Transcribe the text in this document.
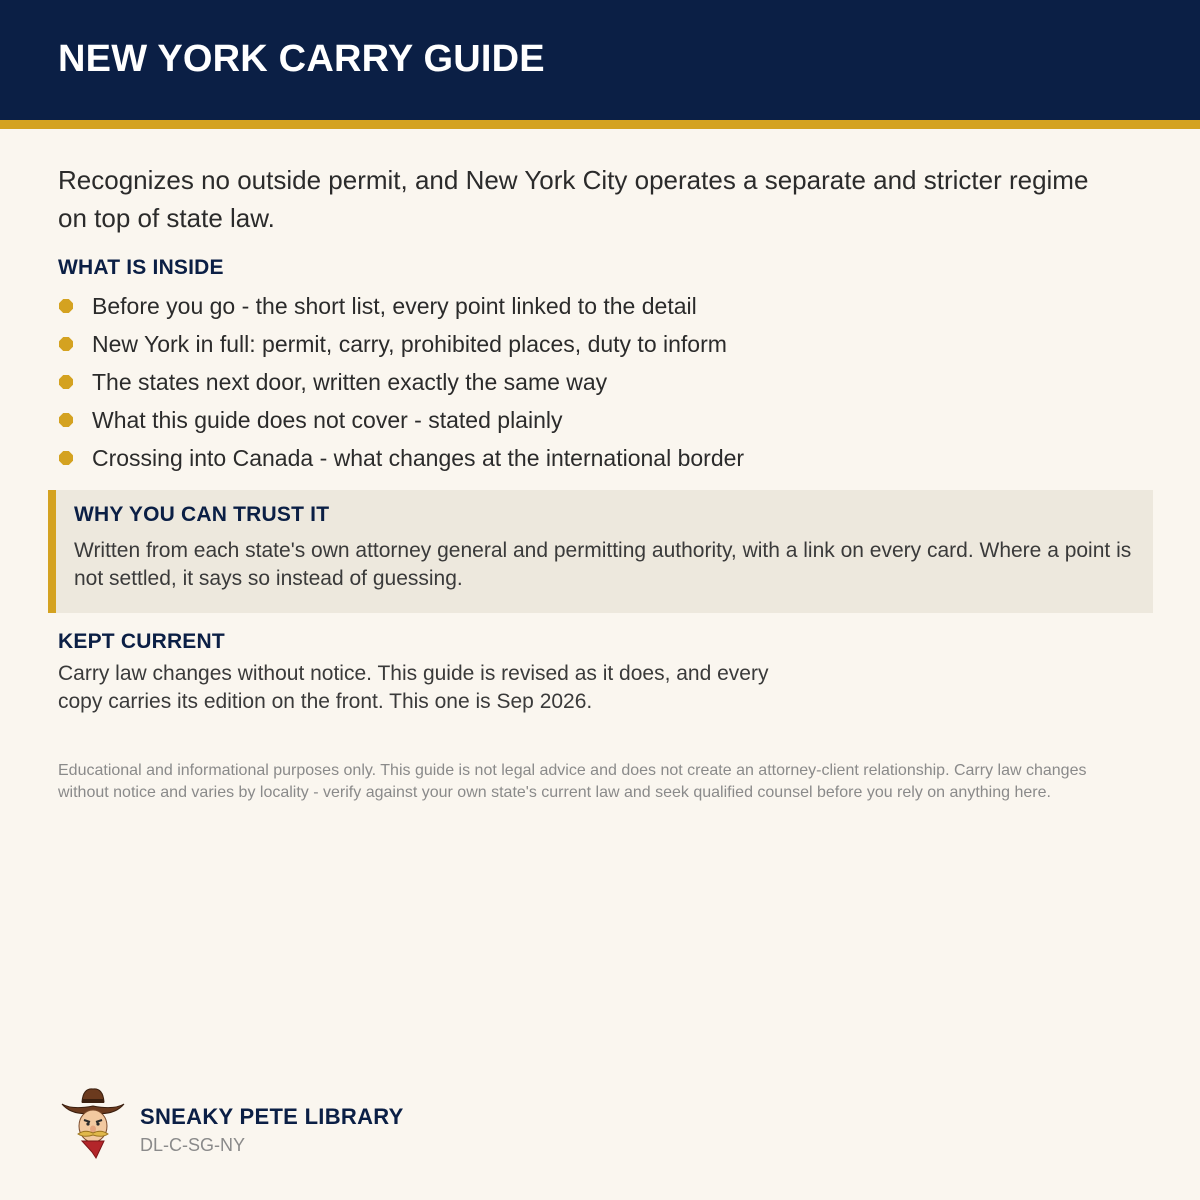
NEW YORK CARRY GUIDE

Recognizes no outside permit, and New York City operates a separate and stricter regime on top of state law.

WHAT IS INSIDE
Before you go - the short list, every point linked to the detail
New York in full: permit, carry, prohibited places, duty to inform
The states next door, written exactly the same way
What this guide does not cover - stated plainly
Crossing into Canada - what changes at the international border
WHY YOU CAN TRUST IT

Written from each state's own attorney general and permitting authority, with a link on every card. Where a point is not settled, it says so instead of guessing.

KEPT CURRENT

Carry law changes without notice. This guide is revised as it does, and every copy carries its edition on the front. This one is Sep 2026.

Educational and informational purposes only. This guide is not legal advice and does not create an attorney-client relationship. Carry law changes without notice and varies by locality - verify against your own state's current law and seek qualified counsel before you rely on anything here.

SNEAKY PETE LIBRARY
DL-C-SG-NY
